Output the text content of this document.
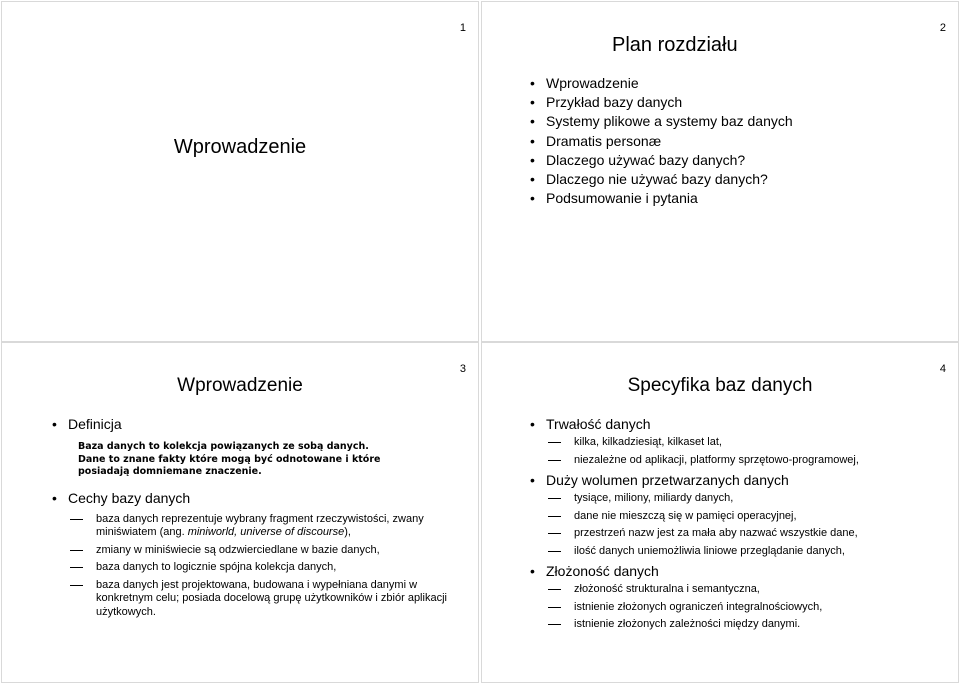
1
Wprowadzenie
2
Plan rozdziału
• Wprowadzenie
• Przykład bazy danych
• Systemy plikowe a systemy baz danych
• Dramatis personæ
• Dlaczego używać bazy danych?
• Dlaczego nie używać bazy danych?
• Podsumowanie i pytania
3
Wprowadzenie
• Definicja
Baza danych to kolekcja powiązanych ze sobą danych.
Dane to znane fakty które mogą być odnotowane i które
posiadają domniemane znaczenie.
• Cechy bazy danych
baza danych reprezentuje wybrany fragment rzeczywistości, zwany miniświatem (ang. miniworld, universe of discourse),
zmiany w miniświecie są odzwierciedlane w bazie danych,
baza danych to logicznie spójna kolekcja danych,
baza danych jest projektowana, budowana i wypełniana danymi w konkretnym celu; posiada docelową grupę użytkowników i zbiór aplikacji użytkowych.
4
Specyfika baz danych
• Trwałość danych
kilka, kilkadziesiąt, kilkaset lat,
niezależne od aplikacji, platformy sprzętowo-programowej,
• Duży wolumen przetwarzanych danych
tysiące, miliony, miliardy danych,
dane nie mieszczą się w pamięci operacyjnej,
przestrzeń nazw jest za mała aby nazwać wszystkie dane,
ilość danych uniemożliwia liniowe przeglądanie danych,
• Złożoność danych
złożoność strukturalna i semantyczna,
istnienie złożonych ograniczeń integralnościowych,
istnienie złożonych zależności między danymi.
